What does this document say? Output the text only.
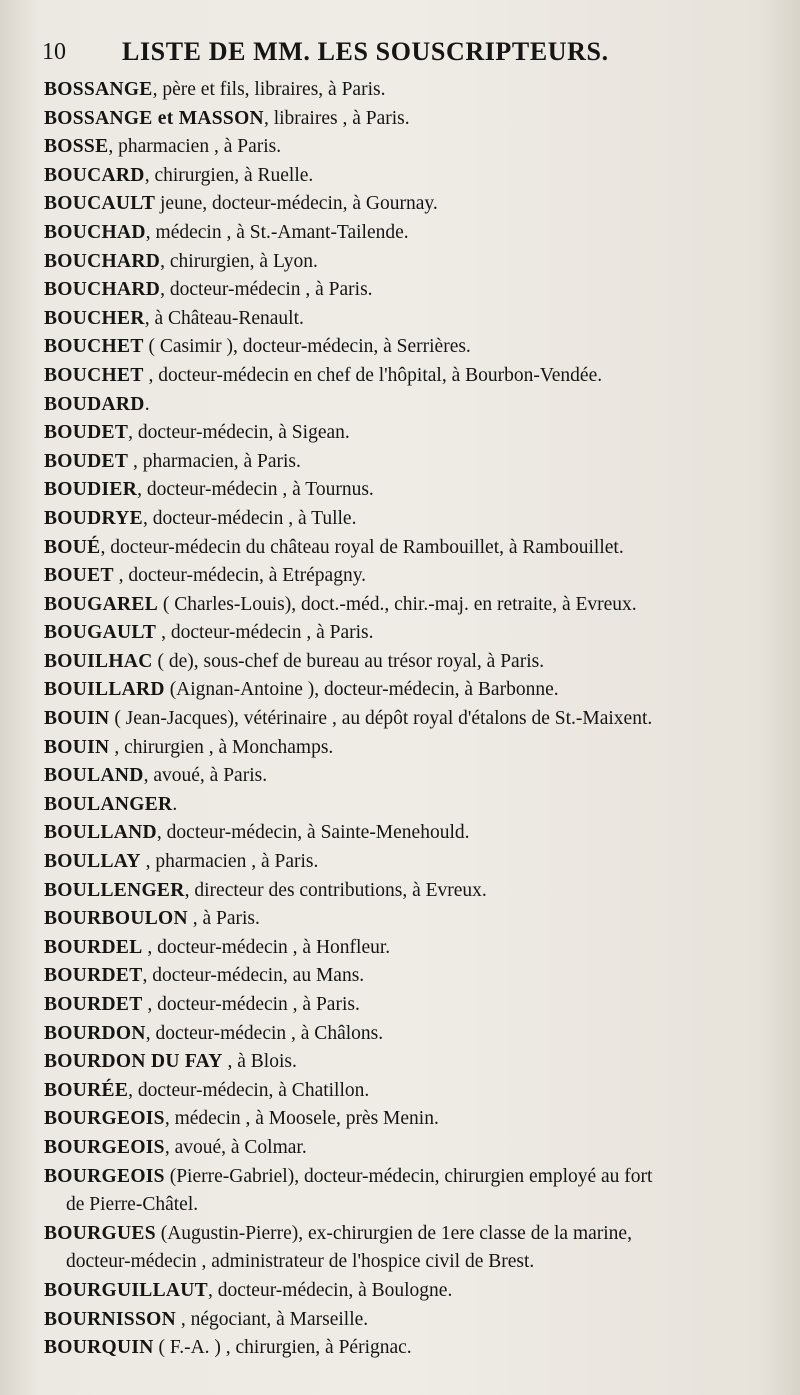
10 LISTE DE MM. LES SOUSCRIPTEURS.
BOSSANGE, père et fils, libraires, à Paris.
BOSSANGE et MASSON, libraires , à Paris.
BOSSE, pharmacien , à Paris.
BOUCARD, chirurgien, à Ruelle.
BOUCAULT jeune, docteur-médecin, à Gournay.
BOUCHAD, médecin , à St.-Amant-Tailende.
BOUCHARD, chirurgien, à Lyon.
BOUCHARD, docteur-médecin , à Paris.
BOUCHER, à Château-Renault.
BOUCHET ( Casimir ), docteur-médecin, à Serrières.
BOUCHET , docteur-médecin en chef de l'hôpital, à Bourbon-Vendée.
BOUDARD.
BOUDET, docteur-médecin, à Sigean.
BOUDET , pharmacien, à Paris.
BOUDIER, docteur-médecin , à Tournus.
BOUDRYE, docteur-médecin , à Tulle.
BOUÉ, docteur-médecin du château royal de Rambouillet, à Rambouillet.
BOUET , docteur-médecin, à Etrépagny.
BOUGAREL ( Charles-Louis), doct.-méd., chir.-maj. en retraite, à Evreux.
BOUGAULT , docteur-médecin , à Paris.
BOUILHAC ( de), sous-chef de bureau au trésor royal, à Paris.
BOUILLARD (Aignan-Antoine ), docteur-médecin, à Barbonne.
BOUIN ( Jean-Jacques), vétérinaire , au dépôt royal d'étalons de St.-Maixent.
BOUIN , chirurgien , à Monchamps.
BOULAND, avoué, à Paris.
BOULANGER.
BOULLAND, docteur-médecin, à Sainte-Menehould.
BOULLAY , pharmacien , à Paris.
BOULLENGER, directeur des contributions, à Evreux.
BOURBOULON , à Paris.
BOURDEL , docteur-médecin , à Honfleur.
BOURDET, docteur-médecin, au Mans.
BOURDET , docteur-médecin , à Paris.
BOURDON, docteur-médecin , à Châlons.
BOURDON DU FAY , à Blois.
BOURÉE, docteur-médecin, à Chatillon.
BOURGEOIS, médecin , à Moosele, près Menin.
BOURGEOIS, avoué, à Colmar.
BOURGEOIS (Pierre-Gabriel), docteur-médecin, chirurgien employé au fort
de Pierre-Châtel.
BOURGUES (Augustin-Pierre), ex-chirurgien de 1ere classe de la marine,
docteur-médecin , administrateur de l'hospice civil de Brest.
BOURGUILLAUT, docteur-médecin, à Boulogne.
BOURNISSON , négociant, à Marseille.
BOURQUIN ( F.-A. ) , chirurgien, à Pérignac.
